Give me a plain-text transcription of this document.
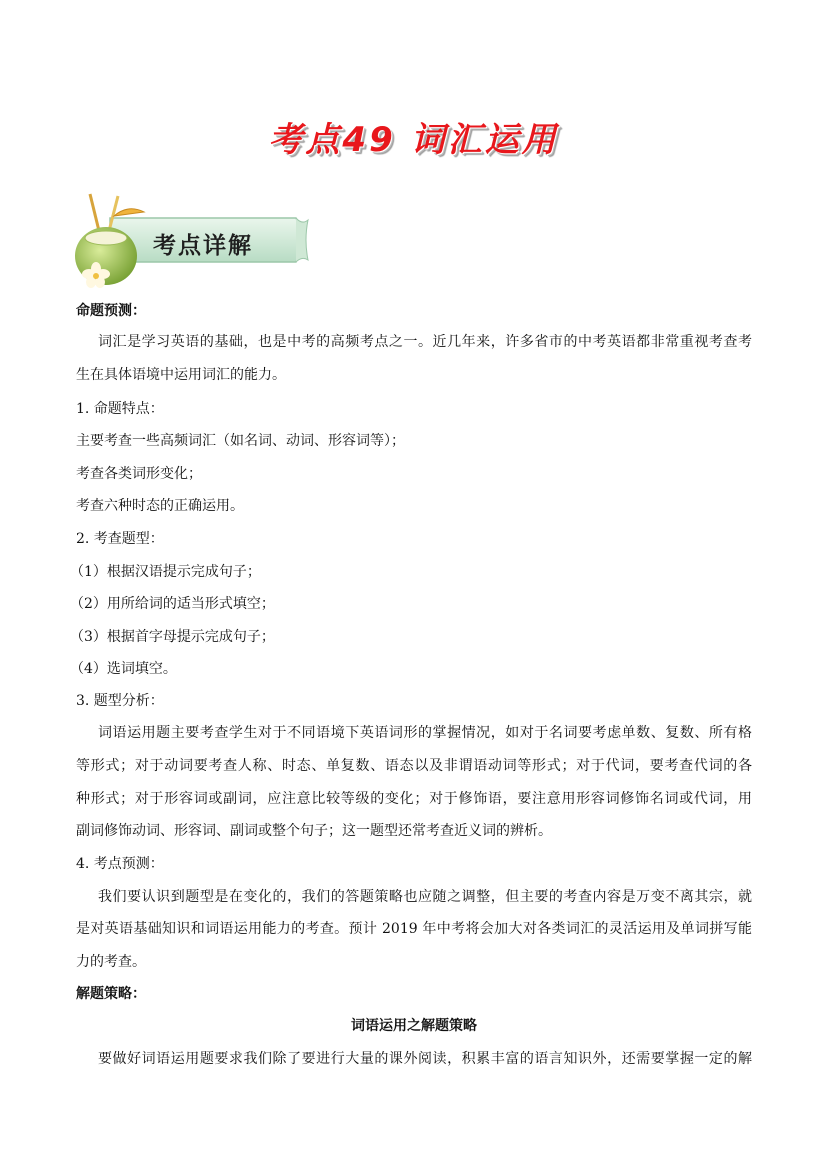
考点49 词汇运用
考点详解
命题预测：
词汇是学习英语的基础，也是中考的高频考点之一。近几年来，许多省市的中考英语都非常重视考查考
生在具体语境中运用词汇的能力。
1. 命题特点：
主要考查一些高频词汇（如名词、动词、形容词等）；
考查各类词形变化；
考查六种时态的正确运用。
2. 考查题型：
（1）根据汉语提示完成句子；
（2）用所给词的适当形式填空；
（3）根据首字母提示完成句子；
（4）选词填空。
3. 题型分析：
词语运用题主要考查学生对于不同语境下英语词形的掌握情况，如对于名词要考虑单数、复数、所有格
等形式；对于动词要考查人称、时态、单复数、语态以及非谓语动词等形式；对于代词，要考查代词的各
种形式；对于形容词或副词，应注意比较等级的变化；对于修饰语，要注意用形容词修饰名词或代词，用
副词修饰动词、形容词、副词或整个句子；这一题型还常考查近义词的辨析。
4. 考点预测：
我们要认识到题型是在变化的，我们的答题策略也应随之调整，但主要的考查内容是万变不离其宗，就
是对英语基础知识和词语运用能力的考查。预计 2019 年中考将会加大对各类词汇的灵活运用及单词拼写能
力的考查。
解题策略：
词语运用之解题策略
要做好词语运用题要求我们除了要进行大量的课外阅读，积累丰富的语言知识外，还需要掌握一定的解
